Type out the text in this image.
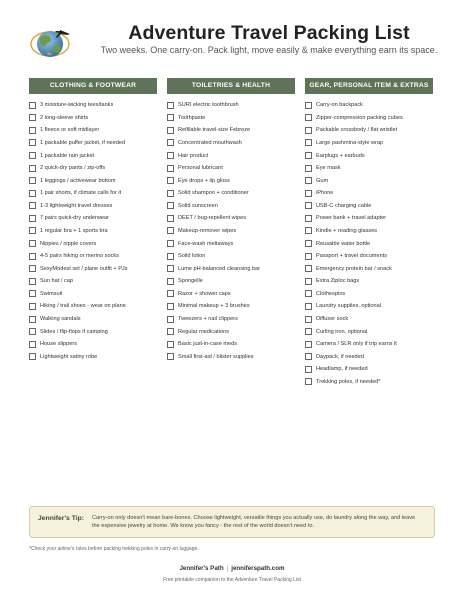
Adventure Travel Packing List
Two weeks. One carry-on. Pack light, move easily & make everything earn its space.
CLOTHING & FOOTWEAR
3 moisture-wicking tees/tanks
2 long-sleeve shirts
1 fleece or soft midlayer
1 packable puffer jacket, if needed
1 packable rain jacket
2 quick-dry pants / zip-offs
1 leggings / activewear bottom
1 pair shorts, if climate calls for it
1-3 lightweight travel dresses
7 pairs quick-dry underwear
1 regular bra + 1 sports bra
Nippies / nipple covers
4-5 pairs hiking or merino socks
SexyModest set / plane outfit + PJs
Sun hat / cap
Swimsuit
Hiking / trail shoes - wear on plane
Walking sandals
Slides / flip-flops if camping
House slippers
Lightweight satiny robe
TOILETRIES & HEALTH
SURI electric toothbrush
Toothpaste
Refillable travel-size Febreze
Concentrated mouthwash
Hair product
Personal lubricant
Eye drops + lip gloss
Solid shampoo + conditioner
Solid sunscreen
DEET / bug-repellent wipes
Makeup-remover wipes
Face-wash meltaways
Solid lotion
Lume pH-balanced cleansing bar
Spongelle
Razor + shower caps
Minimal makeup + 3 brushes
Tweezers + nail clippers
Regular medications
Basic just-in-case meds
Small first-aid / blister supplies
GEAR, PERSONAL ITEM & EXTRAS
Carry-on backpack
Zipper-compression packing cubes
Packable crossbody / flat wristlet
Large pashmina-style wrap
Earplugs + earbuds
Eye mask
Gum
iPhone
USB-C charging cable
Power bank + travel adapter
Kindle + reading glasses
Reusable water bottle
Passport + travel documents
Emergency protein bar / snack
Extra Ziploc bags
Clothespins
Laundry supplies, optional
Diffuser sock
Curling iron, optional
Camera / SLR only if trip earns it
Daypack, if needed
Headlamp, if needed
Trekking poles, if needed*
Jennifer's Tip: Carry-on only doesn't mean bare-bones. Choose lightweight, versatile things you actually use, do laundry along the way, and leave the expensive jewelry at home. We know you fancy - the rest of the world doesn't need to.
*Check your airline's rules before packing trekking poles in carry-on luggage.
Jennifer's Path | jenniferspath.com
Free printable companion to the Adventure Travel Packing List
